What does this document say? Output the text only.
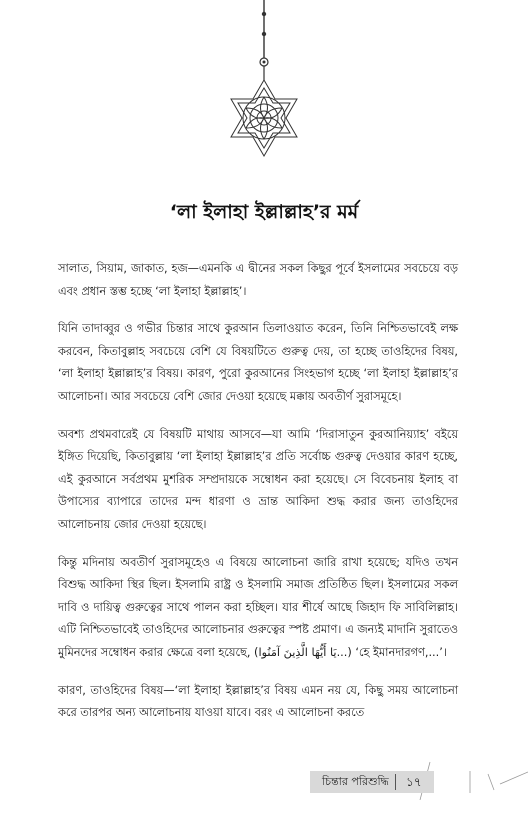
‘লা ইলাহা ইল্লাল্লাহ’র মর্ম

সালাত, সিয়াম, জাকাত, হজ—এমনকি এ দ্বীনের সকল কিছুর পূর্বে ইসলামের সবচেয়ে বড় এবং প্রধান স্তম্ভ হচ্ছে ‘লা ইলাহা ইল্লাল্লাহ’।

যিনি তাদাব্বুর ও গভীর চিন্তার সাথে কুরআন তিলাওয়াত করেন, তিনি নিশ্চিতভাবেই লক্ষ করবেন, কিতাবুল্লাহ সবচেয়ে বেশি যে বিষয়টিতে গুরুত্ব দেয়, তা হচ্ছে তাওহিদের বিষয়, ‘লা ইলাহা ইল্লাল্লাহ’র বিষয়। কারণ, পুরো কুরআনের সিংহভাগ হচ্ছে ‘লা ইলাহা ইল্লাল্লাহ’র আলোচনা। আর সবচেয়ে বেশি জোর দেওয়া হয়েছে মক্কায় অবতীর্ণ সুরাসমূহে।

অবশ্য প্রথমবারেই যে বিষয়টি মাথায় আসবে—যা আমি ‘দিরাসাতুন কুরআনিয়্যাহ’ বইয়ে ইঙ্গিত দিয়েছি, কিতাবুল্লায় ‘লা ইলাহা ইল্লাল্লাহ’র প্রতি সর্বোচ্চ গুরুত্ব দেওয়ার কারণ হচ্ছে, এই কুরআনে সর্বপ্রথম মুশরিক সম্প্রদায়কে সম্বোধন করা হয়েছে। সে বিবেচনায় ইলাহ বা উপাস্যের ব্যাপারে তাদের মন্দ ধারণা ও ভ্রান্ত আকিদা শুদ্ধ করার জন্য তাওহিদের আলোচনায় জোর দেওয়া হয়েছে।

কিন্তু মদিনায় অবতীর্ণ সুরাসমূহেও এ বিষয়ে আলোচনা জারি রাখা হয়েছে; যদিও তখন বিশুদ্ধ আকিদা স্থির ছিল। ইসলামি রাষ্ট্র ও ইসলামি সমাজ প্রতিষ্ঠিত ছিল। ইসলামের সকল দাবি ও দায়িত্ব গুরুত্বের সাথে পালন করা হচ্ছিল। যার শীর্ষে আছে জিহাদ ফি সাবিলিল্লাহ। এটি নিশ্চিতভাবেই তাওহিদের আলোচনার গুরুত্বের স্পষ্ট প্রমাণ। এ জন্যই মাদানি সুরাতেও মুমিনদের সম্বোধন করার ক্ষেত্রে বলা হয়েছে, (يَا أَيُّهَا الَّذِينَ آمَنُوا...) ‘হে ইমানদারগণ,...’।

কারণ, তাওহিদের বিষয়—‘লা ইলাহা ইল্লাল্লাহ’র বিষয় এমন নয় যে, কিছু সময় আলোচনা করে তারপর অন্য আলোচনায় যাওয়া যাবে। বরং এ আলোচনা করতে

চিন্তার পরিশুদ্ধি ১৭
